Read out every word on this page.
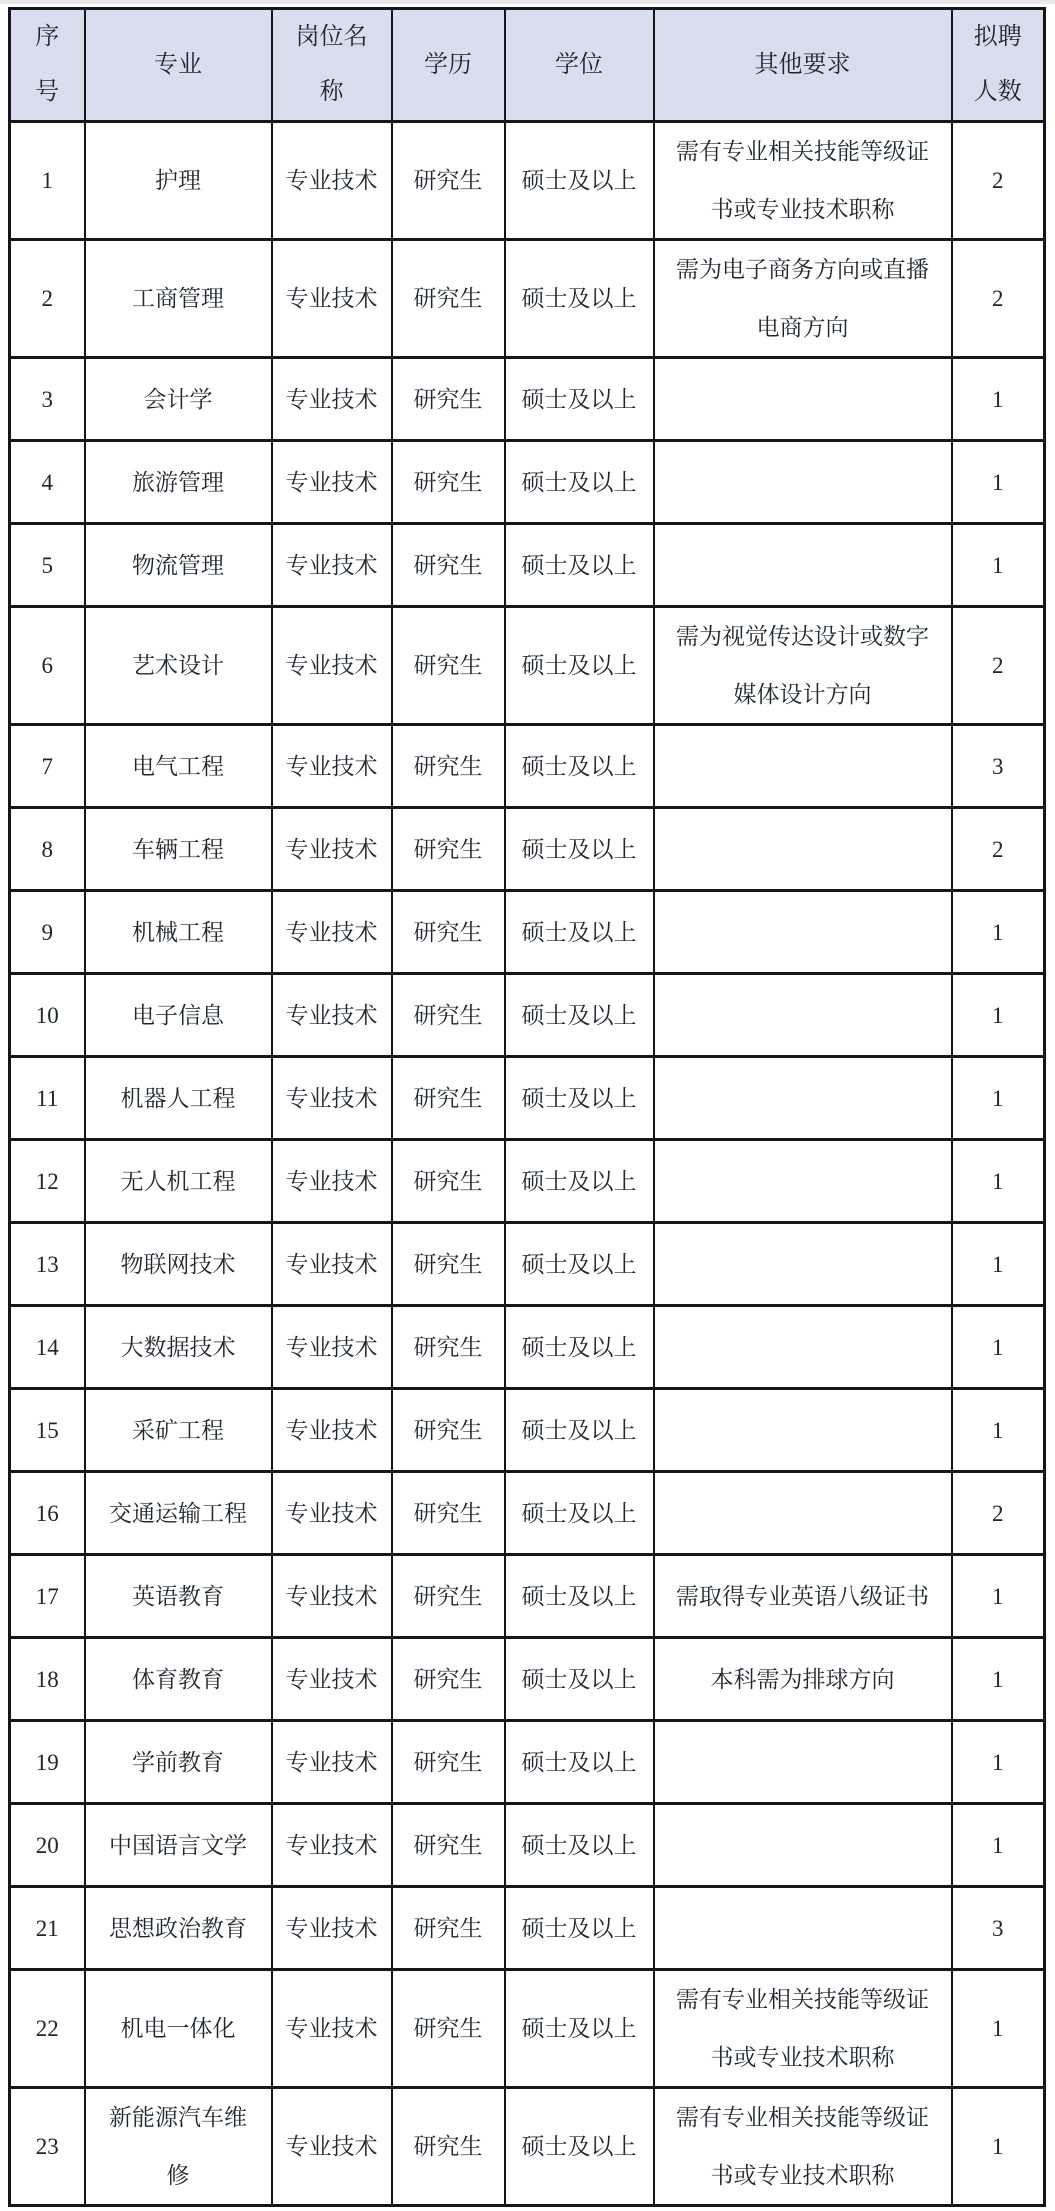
序号	专业	岗位名称	学历	学位	其他要求	拟聘人数
1	护理	专业技术	研究生	硕士及以上	需有专业相关技能等级证书或专业技术职称	2
2	工商管理	专业技术	研究生	硕士及以上	需为电子商务方向或直播电商方向	2
3	会计学	专业技术	研究生	硕士及以上		1
4	旅游管理	专业技术	研究生	硕士及以上		1
5	物流管理	专业技术	研究生	硕士及以上		1
6	艺术设计	专业技术	研究生	硕士及以上	需为视觉传达设计或数字媒体设计方向	2
7	电气工程	专业技术	研究生	硕士及以上		3
8	车辆工程	专业技术	研究生	硕士及以上		2
9	机械工程	专业技术	研究生	硕士及以上		1
10	电子信息	专业技术	研究生	硕士及以上		1
11	机器人工程	专业技术	研究生	硕士及以上		1
12	无人机工程	专业技术	研究生	硕士及以上		1
13	物联网技术	专业技术	研究生	硕士及以上		1
14	大数据技术	专业技术	研究生	硕士及以上		1
15	采矿工程	专业技术	研究生	硕士及以上		1
16	交通运输工程	专业技术	研究生	硕士及以上		2
17	英语教育	专业技术	研究生	硕士及以上	需取得专业英语八级证书	1
18	体育教育	专业技术	研究生	硕士及以上	本科需为排球方向	1
19	学前教育	专业技术	研究生	硕士及以上		1
20	中国语言文学	专业技术	研究生	硕士及以上		1
21	思想政治教育	专业技术	研究生	硕士及以上		3
22	机电一体化	专业技术	研究生	硕士及以上	需有专业相关技能等级证书或专业技术职称	1
23	新能源汽车维修	专业技术	研究生	硕士及以上	需有专业相关技能等级证书或专业技术职称	1
